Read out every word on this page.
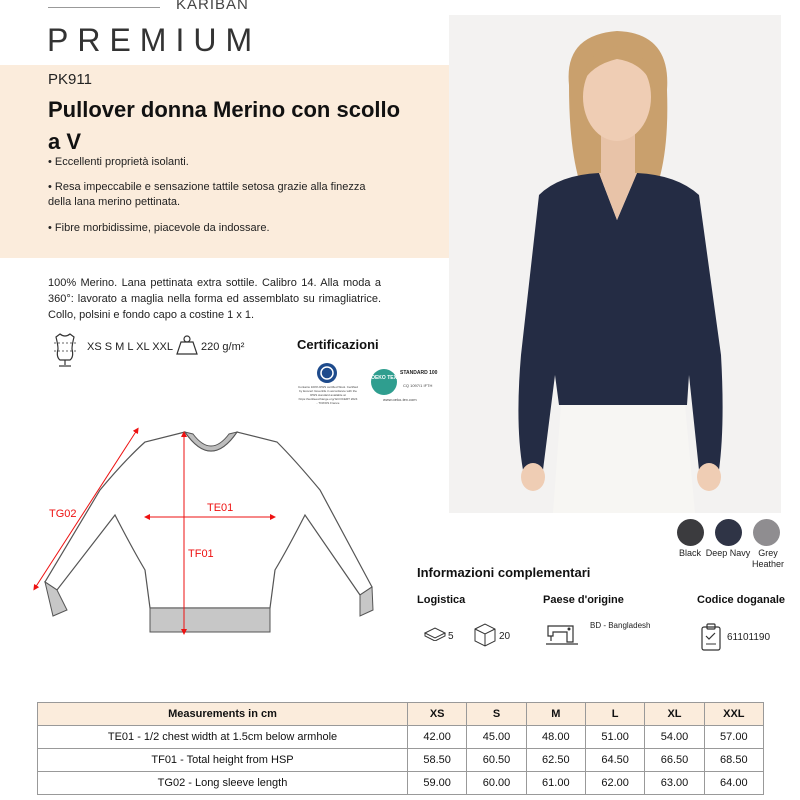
KARIBAN
PREMIUM
PK911
Pullover donna Merino con scollo a V
• Eccellenti proprietà isolanti.
• Resa impeccabile e sensazione tattile setosa grazie alla finezza della lana merino pettinata.
• Fibre morbidissime, piacevole da indossare.
100% Merino. Lana pettinata extra sottile. Calibro 14. Alla moda a 360°: lavorato a maglia nella forma ed assemblato su rimagliatrice. Collo, polsini e fondo capo a costine 1 x 1.
XS S M L XL XXL	220 g/m²	Certificazioni
Contains 100% RWS certified Wool. Certified by Ecocert Greenlife in accordance with the RWS standard available at https://textileexchange.org/ ECOCERT 2024 - TO/FDS France
OEKO TEX
STANDARD 100
CQ 1097/1 IFTH
www.oeko-tex.com
TE01
TF01
TG02
Black Deep Navy Grey Heather
Informazioni complementari
Logistica	Paese d'origine	Codice doganale
5	20
BD - Bangladesh
61101190
Measurements in cm	XS	S	M	L	XL	XXL
TE01 - 1/2 chest width at 1.5cm below armhole	42.00	45.00	48.00	51.00	54.00	57.00
TF01 - Total height from HSP	58.50	60.50	62.50	64.50	66.50	68.50
TG02 - Long sleeve length	59.00	60.00	61.00	62.00	63.00	64.00
